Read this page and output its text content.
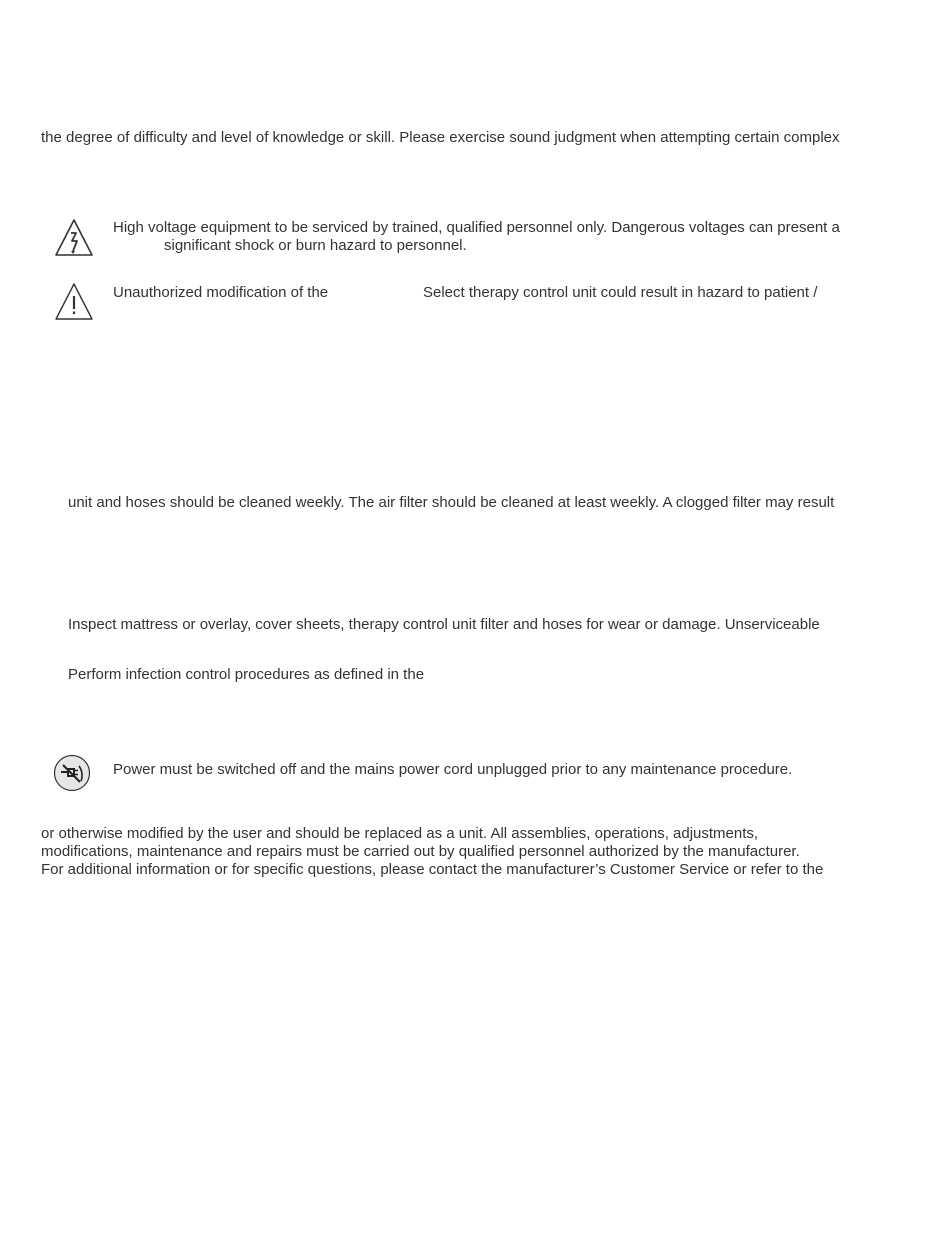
the degree of difficulty and level of knowledge or skill. Please exercise sound judgment when attempting certain complex
High voltage equipment to be serviced by trained, qualified personnel only. Dangerous voltages can present a
significant shock or burn hazard to personnel.
Unauthorized modification of the	Select therapy control unit could result in hazard to patient /
unit and hoses should be cleaned weekly. The air filter should be cleaned at least weekly. A clogged filter may result
Inspect mattress or overlay, cover sheets, therapy control unit filter and hoses for wear or damage. Unserviceable
Perform infection control procedures as defined in the
Power must be switched off and the mains power cord unplugged prior to any maintenance procedure.
or otherwise modified by the user and should be replaced as a unit. All assemblies, operations, adjustments,
modifications, maintenance and repairs must be carried out by qualified personnel authorized by the manufacturer.
For additional information or for specific questions, please contact the manufacturer’s Customer Service or refer to the
